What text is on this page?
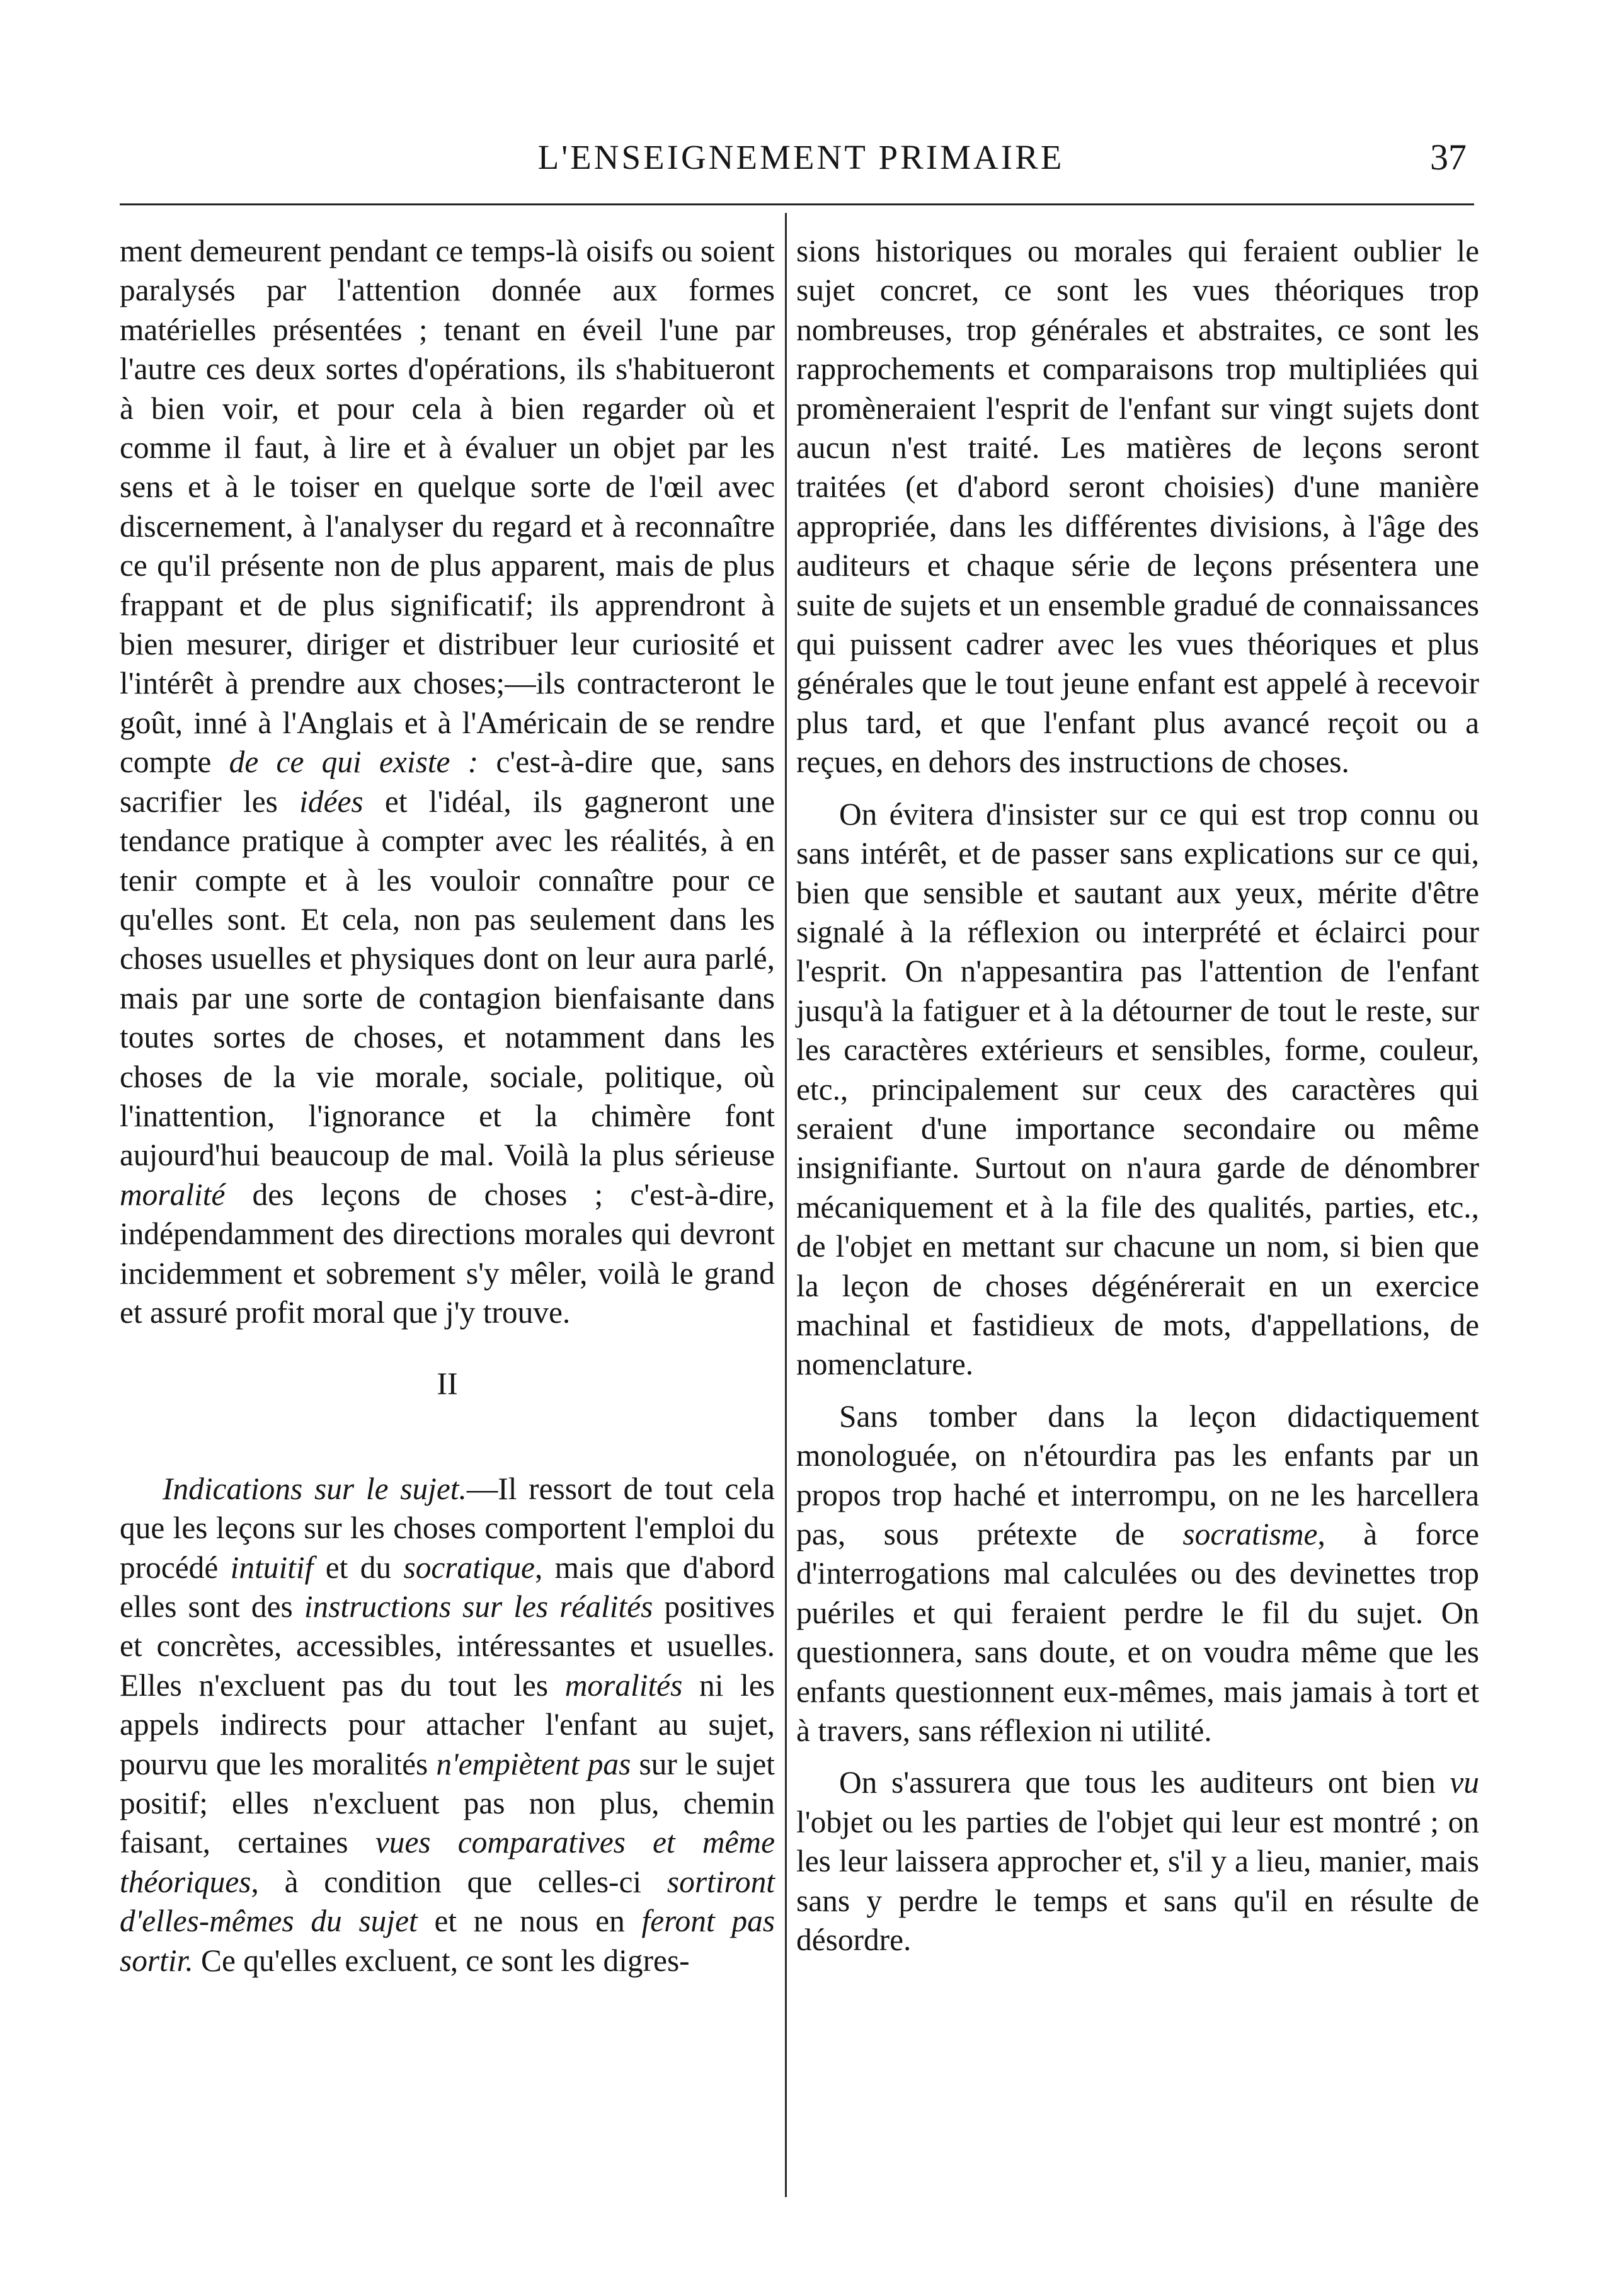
L'ENSEIGNEMENT PRIMAIRE	37

ment demeurent pendant ce temps-là oisifs ou soient paralysés par l'attention donnée aux formes matérielles présentées ; tenant en éveil l'une par l'autre ces deux sortes d'opérations, ils s'habitueront à bien voir, et pour cela à bien regarder où et comme il faut, à lire et à évaluer un objet par les sens et à le toiser en quelque sorte de l'œil avec discernement, à l'analyser du regard et à reconnaître ce qu'il présente non de plus apparent, mais de plus frappant et de plus significatif; ils apprendront à bien mesurer, diriger et distribuer leur curiosité et l'intérêt à prendre aux choses;—ils contracteront le goût, inné à l'Anglais et à l'Américain de se rendre compte de ce qui existe : c'est-à-dire que, sans sacrifier les idées et l'idéal, ils gagneront une tendance pratique à compter avec les réalités, à en tenir compte et à les vouloir connaître pour ce qu'elles sont. Et cela, non pas seulement dans les choses usuelles et physiques dont on leur aura parlé, mais par une sorte de contagion bienfaisante dans toutes sortes de choses, et notamment dans les choses de la vie morale, sociale, politique, où l'inattention, l'ignorance et la chimère font aujourd'hui beaucoup de mal. Voilà la plus sérieuse moralité des leçons de choses ; c'est-à-dire, indépendamment des directions morales qui devront incidemment et sobrement s'y mêler, voilà le grand et assuré profit moral que j'y trouve.

II

Indications sur le sujet.—Il ressort de tout cela que les leçons sur les choses comportent l'emploi du procédé intuitif et du socratique, mais que d'abord elles sont des instructions sur les réalités positives et concrètes, accessibles, intéressantes et usuelles. Elles n'excluent pas du tout les moralités ni les appels indirects pour attacher l'enfant au sujet, pourvu que les moralités n'empiètent pas sur le sujet positif; elles n'excluent pas non plus, chemin faisant, certaines vues comparatives et même théoriques, à condition que celles-ci sortiront d'elles-mêmes du sujet et ne nous en feront pas sortir. Ce qu'elles excluent, ce sont les digres-

sions historiques ou morales qui feraient oublier le sujet concret, ce sont les vues théoriques trop nombreuses, trop générales et abstraites, ce sont les rapprochements et comparaisons trop multipliées qui promèneraient l'esprit de l'enfant sur vingt sujets dont aucun n'est traité. Les matières de leçons seront traitées (et d'abord seront choisies) d'une manière appropriée, dans les différentes divisions, à l'âge des auditeurs et chaque série de leçons présentera une suite de sujets et un ensemble gradué de connaissances qui puissent cadrer avec les vues théoriques et plus générales que le tout jeune enfant est appelé à recevoir plus tard, et que l'enfant plus avancé reçoit ou a reçues, en dehors des instructions de choses.

On évitera d'insister sur ce qui est trop connu ou sans intérêt, et de passer sans explications sur ce qui, bien que sensible et sautant aux yeux, mérite d'être signalé à la réflexion ou interprété et éclairci pour l'esprit. On n'appesantira pas l'attention de l'enfant jusqu'à la fatiguer et à la détourner de tout le reste, sur les caractères extérieurs et sensibles, forme, couleur, etc., principalement sur ceux des caractères qui seraient d'une importance secondaire ou même insignifiante. Surtout on n'aura garde de dénombrer mécaniquement et à la file des qualités, parties, etc., de l'objet en mettant sur chacune un nom, si bien que la leçon de choses dégénérerait en un exercice machinal et fastidieux de mots, d'appellations, de nomenclature.

Sans tomber dans la leçon didactiquement monologuée, on n'étourdira pas les enfants par un propos trop haché et interrompu, on ne les harcellera pas, sous prétexte de socratisme, à force d'interrogations mal calculées ou des devinettes trop puériles et qui feraient perdre le fil du sujet. On questionnera, sans doute, et on voudra même que les enfants questionnent eux-mêmes, mais jamais à tort et à travers, sans réflexion ni utilité.

On s'assurera que tous les auditeurs ont bien vu l'objet ou les parties de l'objet qui leur est montré ; on les leur laissera approcher et, s'il y a lieu, manier, mais sans y perdre le temps et sans qu'il en résulte de désordre.
